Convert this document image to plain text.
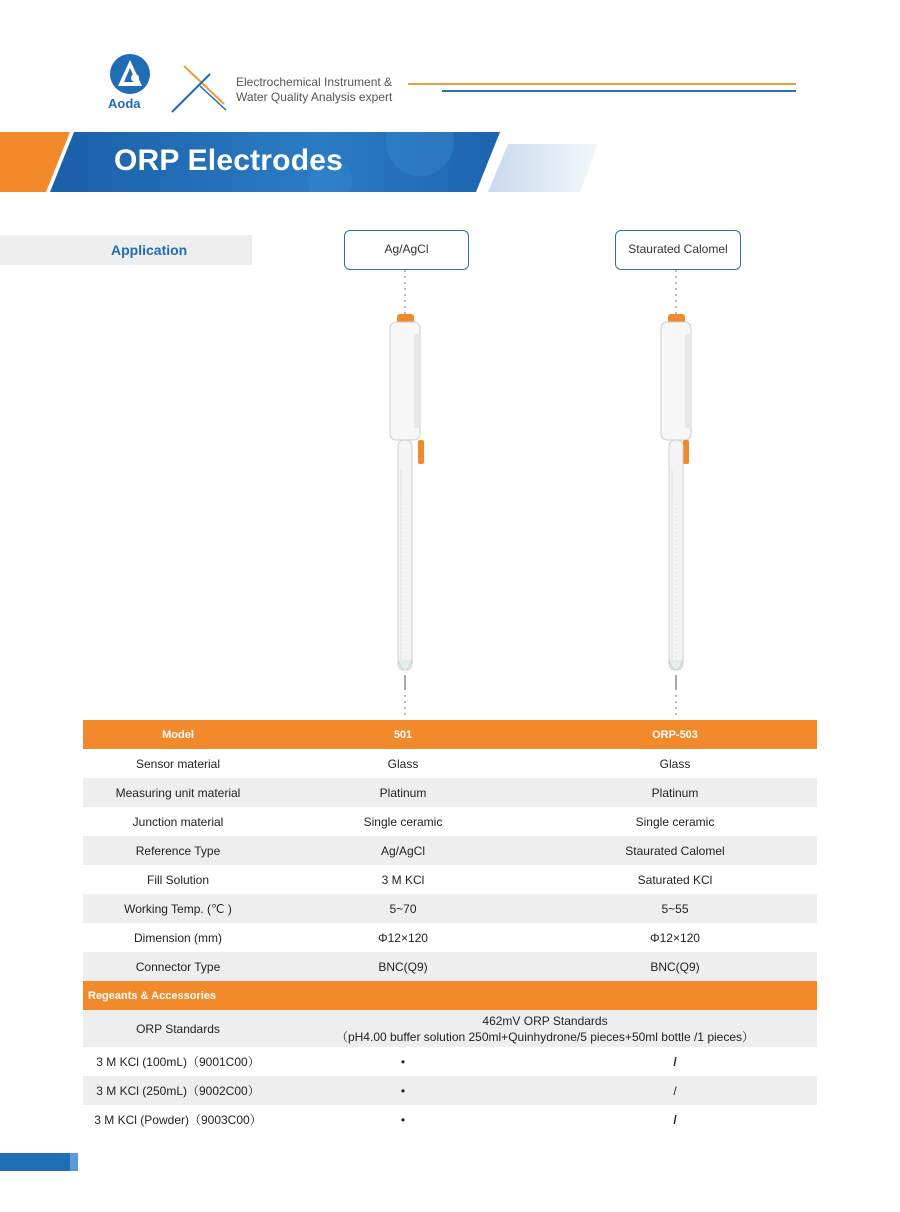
Aoda
Electrochemical Instrument &
Water Quality Analysis expert
ORP Electrodes
Application	Ag/AgCl	Staurated Calomel
Model	501	ORP-503
Sensor material	Glass	Glass
Measuring unit material	Platinum	Platinum
Junction material	Single ceramic	Single ceramic
Reference Type	Ag/AgCl	Staurated Calomel
Fill Solution	3 M KCl	Saturated KCl
Working Temp. (℃ )	5~70	5~55
Dimension (mm)	Φ12×120	Φ12×120
Connector Type	BNC(Q9)	BNC(Q9)
Regeants & Accessories		
ORP Standards	462mV ORP Standards
（pH4.00 buffer solution 250ml+Quinhydrone/5 pieces+50ml bottle /1 pieces）	

3 M KCl (100mL)（9001C00）	•	/
3 M KCl (250mL)（9002C00）	•	/
3 M KCl (Powder)（9003C00）	•	/
